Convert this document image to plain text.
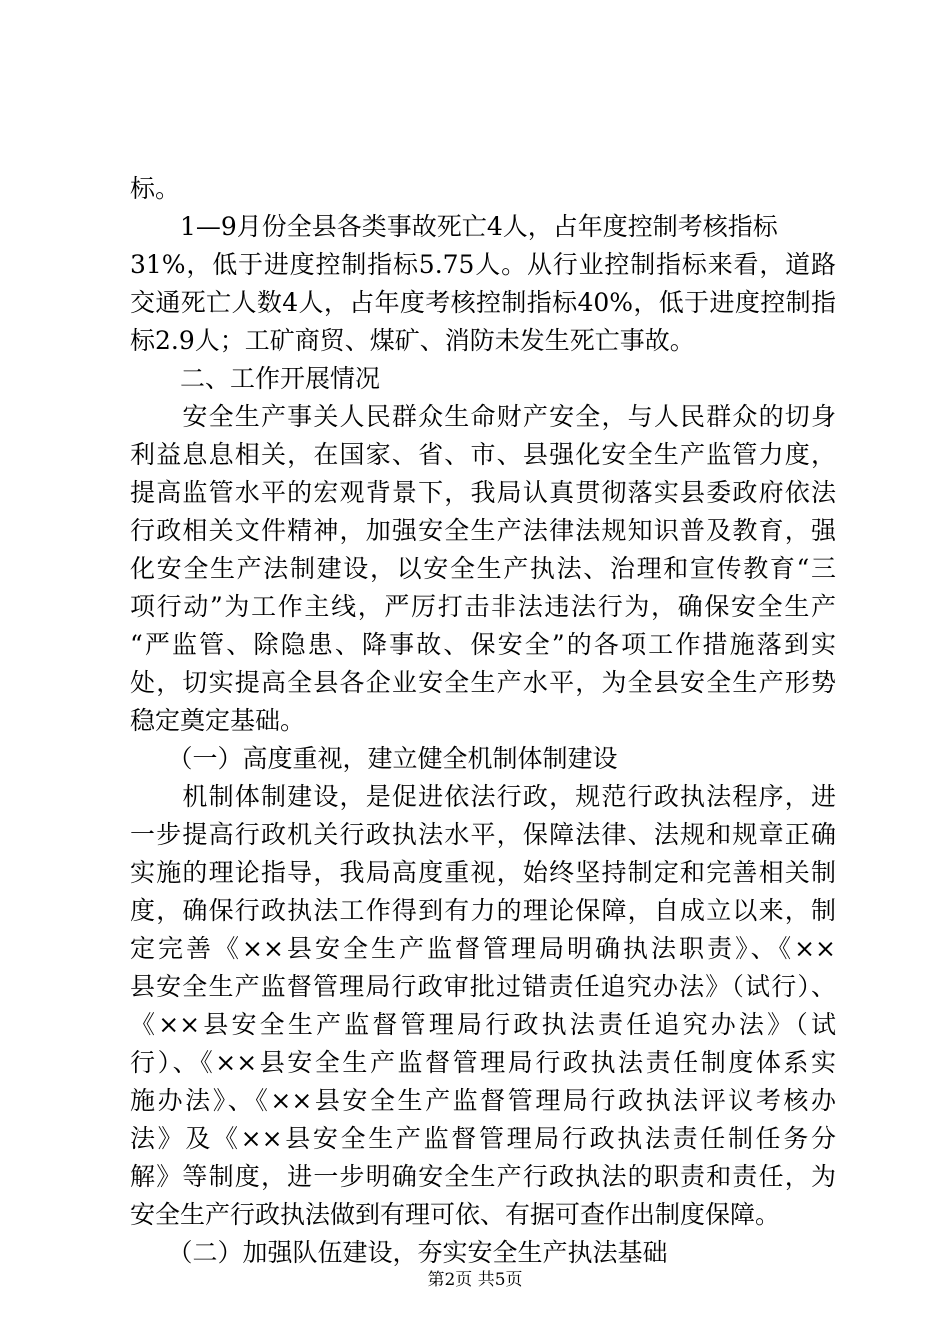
标。
　　1—9月份全县各类事故死亡4人，占年度控制考核指标
31%，低于进度控制指标5.75人。从行业控制指标来看，道路
交通死亡人数4人，占年度考核控制指标40%，低于进度控制指
标2.9人；工矿商贸、煤矿、消防未发生死亡事故。
　　二、工作开展情况
　　安全生产事关人民群众生命财产安全，与人民群众的切身
利益息息相关，在国家、省、市、县强化安全生产监管力度，
提高监管水平的宏观背景下，我局认真贯彻落实县委政府依法
行政相关文件精神，加强安全生产法律法规知识普及教育，强
化安全生产法制建设，以安全生产执法、治理和宣传教育“三
项行动”为工作主线，严厉打击非法违法行为，确保安全生产
“严监管、除隐患、降事故、保安全”的各项工作措施落到实
处，切实提高全县各企业安全生产水平，为全县安全生产形势
稳定奠定基础。
　　（一）高度重视，建立健全机制体制建设
　　机制体制建设，是促进依法行政，规范行政执法程序，进
一步提高行政机关行政执法水平，保障法律、法规和规章正确
实施的理论指导，我局高度重视，始终坚持制定和完善相关制
度，确保行政执法工作得到有力的理论保障，自成立以来，制
定完善《××县安全生产监督管理局明确执法职责》、《××
县安全生产监督管理局行政审批过错责任追究办法》（试行）、
《××县安全生产监督管理局行政执法责任追究办法》（试
行）、《××县安全生产监督管理局行政执法责任制度体系实
施办法》、《××县安全生产监督管理局行政执法评议考核办
法》及《××县安全生产监督管理局行政执法责任制任务分
解》等制度，进一步明确安全生产行政执法的职责和责任，为
安全生产行政执法做到有理可依、有据可查作出制度保障。
　　（二）加强队伍建设，夯实安全生产执法基础
第2页 共5页
